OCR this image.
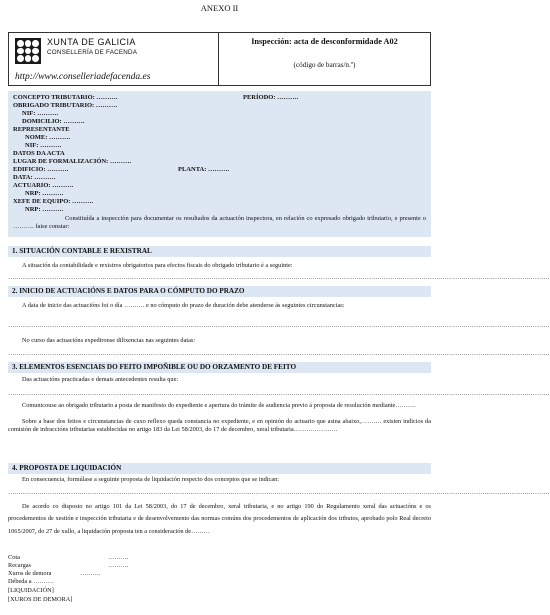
ANEXO II
XUNTA DE GALICIA
CONSELLERÍA DE FACENDA
http://www.conselleriadefacenda.es
Inspección: acta de desconformidade A02
(código de barras/n.º)
CONCEPTO TRIBUTARIO: ……….	PERÍODO: ……….
OBRIGADO TRIBUTARIO: ……….
NIF: ……….
DOMICILIO: ……….
REPRESENTANTE
NOME: ……….
NIF: ……….
DATOS DA ACTA
LUGAR DE FORMALIZACIÓN: ……….
EDIFICIO: ……….	PLANTA: ……….
DATA: ……….
ACTUARIO: ……….
NRP: ……….
XEFE DE EQUIPO: ……….
NRP: ……….
Constituída a inspección para documentar os resultados da actuación inspectora, en relación co expresado obrigado tributario, e presente o ………. faise constar:
1. SITUACIÓN CONTABLE E REXISTRAL
A situación da contabilidade e rexistros obrigatorios para efectos fiscais do obrigado tributario é a seguinte:
……………………………………………………………………………………………………………………………………………………………………………………………………………………………………
2. INICIO DE ACTUACIÓNS E DATOS PARA O CÓMPUTO DO PRAZO
A data de inicio das actuacións foi o día ………. e no cómputo do prazo de duración debe atenderse ás seguintes circunstancias:
……………………………………………………………………………………………………………………………………………………………………………………………………………………………………
No curso das actuacións expedironse dilixencias nas seguintes datas:
……………………………………………………………………………………………………………………………………………………………………………………………………………………………………
3. ELEMENTOS ESENCIAIS DO FEITO IMPOÑIBLE OU DO ORZAMENTO DE FEITO
Das actuacións practicadas e demais antecedentes resulta que:
……………………………………………………………………………………………………………………………………………………………………………………………………………………………………
Comunicouse ao obrigado tributario a posta de manifesto do expediente e apertura do trámite de audiencia previo á proposta de resolución mediante……….
Sobre a base dos feitos e circunstancias de cuxo reflexo queda constancia no expediente, e en opinión do actuario que asina abaixo,………. existen indicios da comisión de infraccións tributarias establecidas no artigo 183 da Lei 58/2003, do 17 de decembro, xeral tributaria…………………
4. PROPOSTA DE LIQUIDACIÓN
En consecuencia, formúlase a seguinte proposta de liquidación respecto dos conceptos que se indican:
……………………………………………………………………………………………………………………………………………………………………………………………………………………………………
De acordo co disposto no artigo 101 da Lei 58/2003, do 17 de decembro, xeral tributaria, e no artigo 190 do Regulamento xeral das actuacións e os procedementos de xestión e inspección tributaria e de desenvolvemento das normas comúns dos procedementos de aplicación dos tributos, aprobado polo Real decreto 1065/2007, do 27 de xullo, a liquidación proposta ten a consideración de………
Cota	……….
Recargas	……….
Xuros de demora	……….
Débeda a ……….
[LIQUIDACIÓN]
[XUROS DE DEMORA]
